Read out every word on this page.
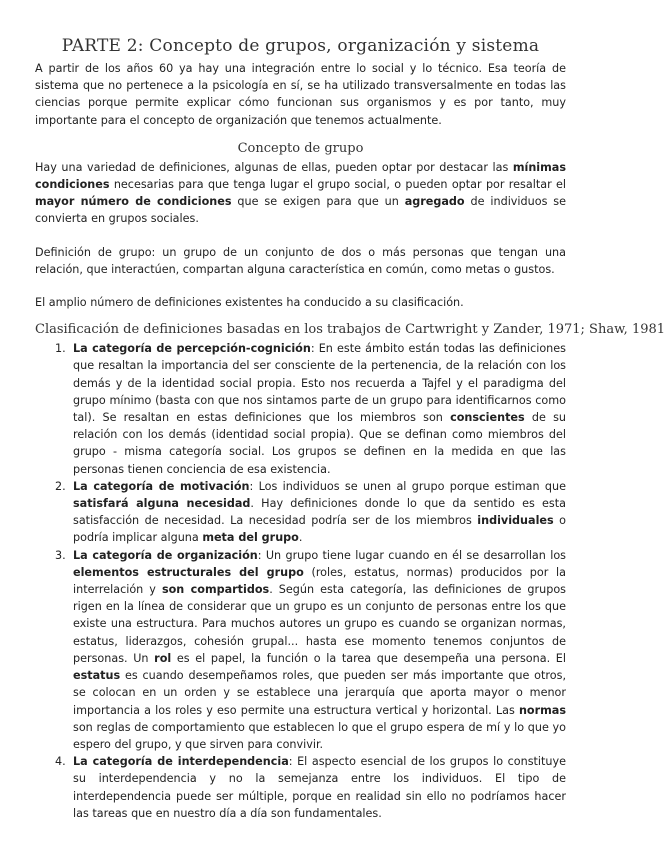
PARTE 2: Concepto de grupos, organización y sistema

A partir de los años 60 ya hay una integración entre lo social y lo técnico. Esa teoría de sistema que no pertenece a la psicología en sí, se ha utilizado transversalmente en todas las ciencias porque permite explicar cómo funcionan sus organismos y es por tanto, muy importante para el concepto de organización que tenemos actualmente.

Concepto de grupo

Hay una variedad de definiciones, algunas de ellas, pueden optar por destacar las mínimas condiciones necesarias para que tenga lugar el grupo social, o pueden optar por resaltar el mayor número de condiciones que se exigen para que un agregado de individuos se convierta en grupos sociales.

Definición de grupo: un grupo de un conjunto de dos o más personas que tengan una relación, que interactúen, compartan alguna característica en común, como metas o gustos.

El amplio número de definiciones existentes ha conducido a su clasificación.

Clasificación de definiciones basadas en los trabajos de Cartwright y Zander, 1971; Shaw, 1981
1. La categoría de percepción-cognición: En este ámbito están todas las definiciones que resaltan la importancia del ser consciente de la pertenencia, de la relación con los demás y de la identidad social propia. Esto nos recuerda a Tajfel y el paradigma del grupo mínimo (basta con que nos sintamos parte de un grupo para identificarnos como tal). Se resaltan en estas definiciones que los miembros son conscientes de su relación con los demás (identidad social propia). Que se definan como miembros del grupo - misma categoría social. Los grupos se definen en la medida en que las personas tienen conciencia de esa existencia.
2. La categoría de motivación: Los individuos se unen al grupo porque estiman que satisfará alguna necesidad. Hay definiciones donde lo que da sentido es esta satisfacción de necesidad. La necesidad podría ser de los miembros individuales o podría implicar alguna meta del grupo.
3. La categoría de organización: Un grupo tiene lugar cuando en él se desarrollan los elementos estructurales del grupo (roles, estatus, normas) producidos por la interrelación y son compartidos. Según esta categoría, las definiciones de grupos rigen en la línea de considerar que un grupo es un conjunto de personas entre los que existe una estructura. Para muchos autores un grupo es cuando se organizan normas, estatus, liderazgos, cohesión grupal... hasta ese momento tenemos conjuntos de personas. Un rol es el papel, la función o la tarea que desempeña una persona. El estatus es cuando desempeñamos roles, que pueden ser más importante que otros, se colocan en un orden y se establece una jerarquía que aporta mayor o menor importancia a los roles y eso permite una estructura vertical y horizontal. Las normas son reglas de comportamiento que establecen lo que el grupo espera de mí y lo que yo espero del grupo, y que sirven para convivir.
4. La categoría de interdependencia: El aspecto esencial de los grupos lo constituye su interdependencia y no la semejanza entre los individuos. El tipo de interdependencia puede ser múltiple, porque en realidad sin ello no podríamos hacer las tareas que en nuestro día a día son fundamentales.
